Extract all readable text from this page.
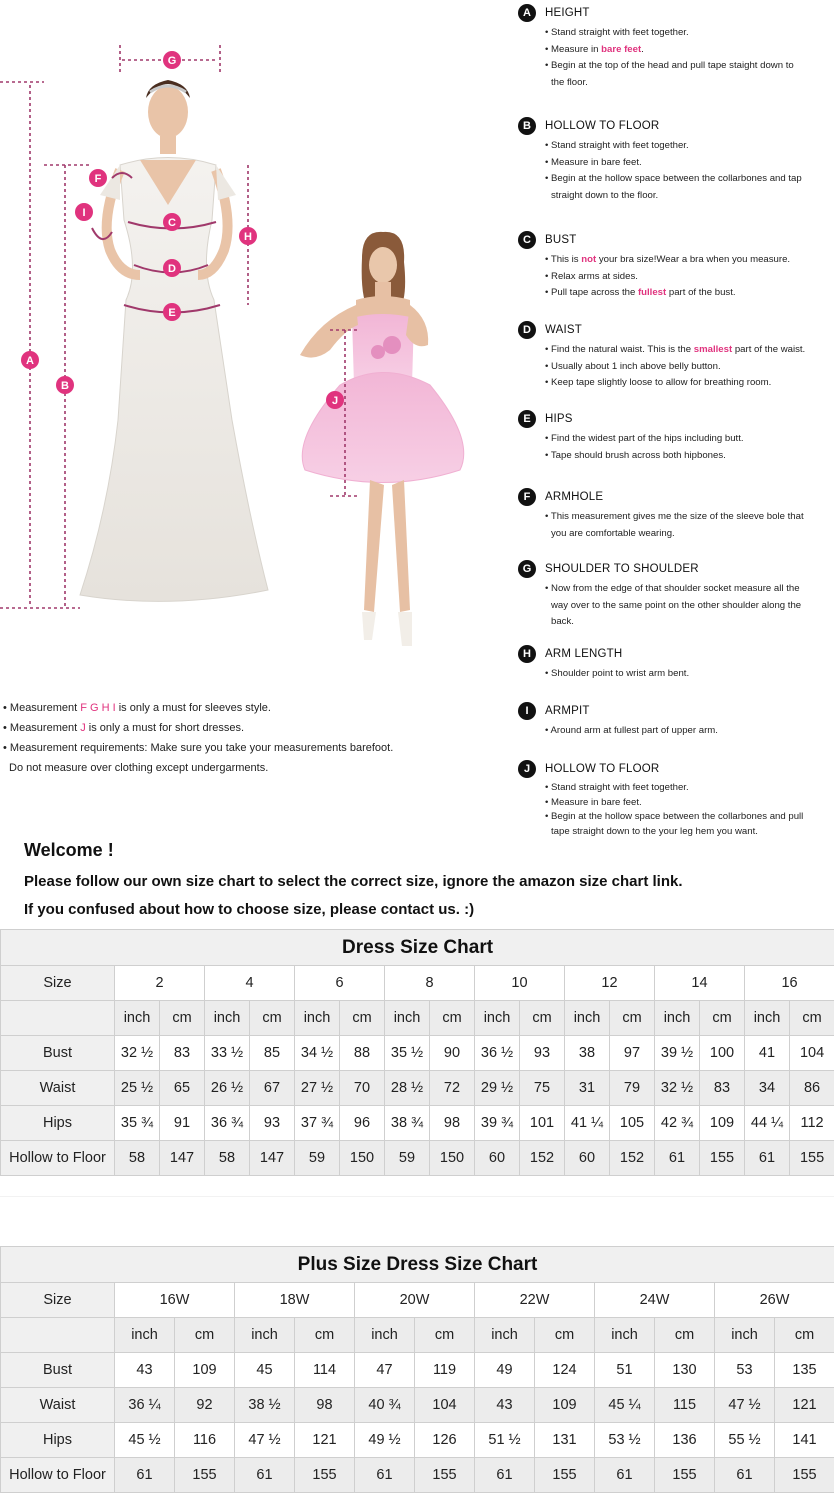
A
B
C
D
E
F
G
H
I
J
• Measurement F G H I is only a must for sleeves style.
• Measurement J is only a must for short dresses.
• Measurement requirements: Make sure you take your measurements barefoot.
Do not measure over clothing except undergarments.
A	HEIGHT
• Stand straight with feet together.
• Measure in bare feet.
• Begin at the top of the head and pull tape staight down to
the floor.
B	HOLLOW TO FLOOR
• Stand straight with feet together.
• Measure in bare feet.
• Begin at the hollow space between the collarbones and tap
straight down to the floor.
C	BUST
• This is not your bra size!Wear a bra when you measure.
• Relax arms at sides.
• Pull tape across the fullest part of the bust.
D	WAIST
• Find the natural waist. This is the smallest part of the waist.
• Usually about 1 inch above belly button.
• Keep tape slightly loose to allow for breathing room.
E	HIPS
• Find the widest part of the hips including butt.
• Tape should brush across both hipbones.
F	ARMHOLE
• This measurement gives me the size of the sleeve bole that
you are comfortable wearing.
G	SHOULDER TO SHOULDER
• Now from the edge of that shoulder socket measure all the
way over to the same point on the other shoulder along the
back.
H	ARM LENGTH
• Shoulder point to wrist arm bent.
I	ARMPIT
• Around arm at fullest part of upper arm.
J	HOLLOW TO FLOOR
• Stand straight with feet together.
• Measure in bare feet.
• Begin at the hollow space between the collarbones and pull
tape straight down to the your leg hem you want.
Welcome !
Please follow our own size chart to select the correct size, ignore the amazon size chart link.
If you confused about how to choose size, please contact us. :)
Dress Size Chart																
Size	2		4		6		8		10		12		14		16	
	inch	cm	inch	cm	inch	cm	inch	cm	inch	cm	inch	cm	inch	cm	inch	cm
Bust	32 ½	83	33 ½	85	34 ½	88	35 ½	90	36 ½	93	38	97	39 ½	100	41	104
Waist	25 ½	65	26 ½	67	27 ½	70	28 ½	72	29 ½	75	31	79	32 ½	83	34	86
Hips	35 ¾	91	36 ¾	93	37 ¾	96	38 ¾	98	39 ¾	101	41 ¼	105	42 ¾	109	44 ¼	112
Hollow to Floor	58	147	58	147	59	150	59	150	60	152	60	152	61	155	61	155
Plus Size Dress Size Chart												
Size	16W		18W		20W		22W		24W		26W	
	inch	cm	inch	cm	inch	cm	inch	cm	inch	cm	inch	cm
Bust	43	109	45	114	47	119	49	124	51	130	53	135
Waist	36 ¼	92	38 ½	98	40 ¾	104	43	109	45 ¼	115	47 ½	121
Hips	45 ½	116	47 ½	121	49 ½	126	51 ½	131	53 ½	136	55 ½	141
Hollow to Floor	61	155	61	155	61	155	61	155	61	155	61	155
